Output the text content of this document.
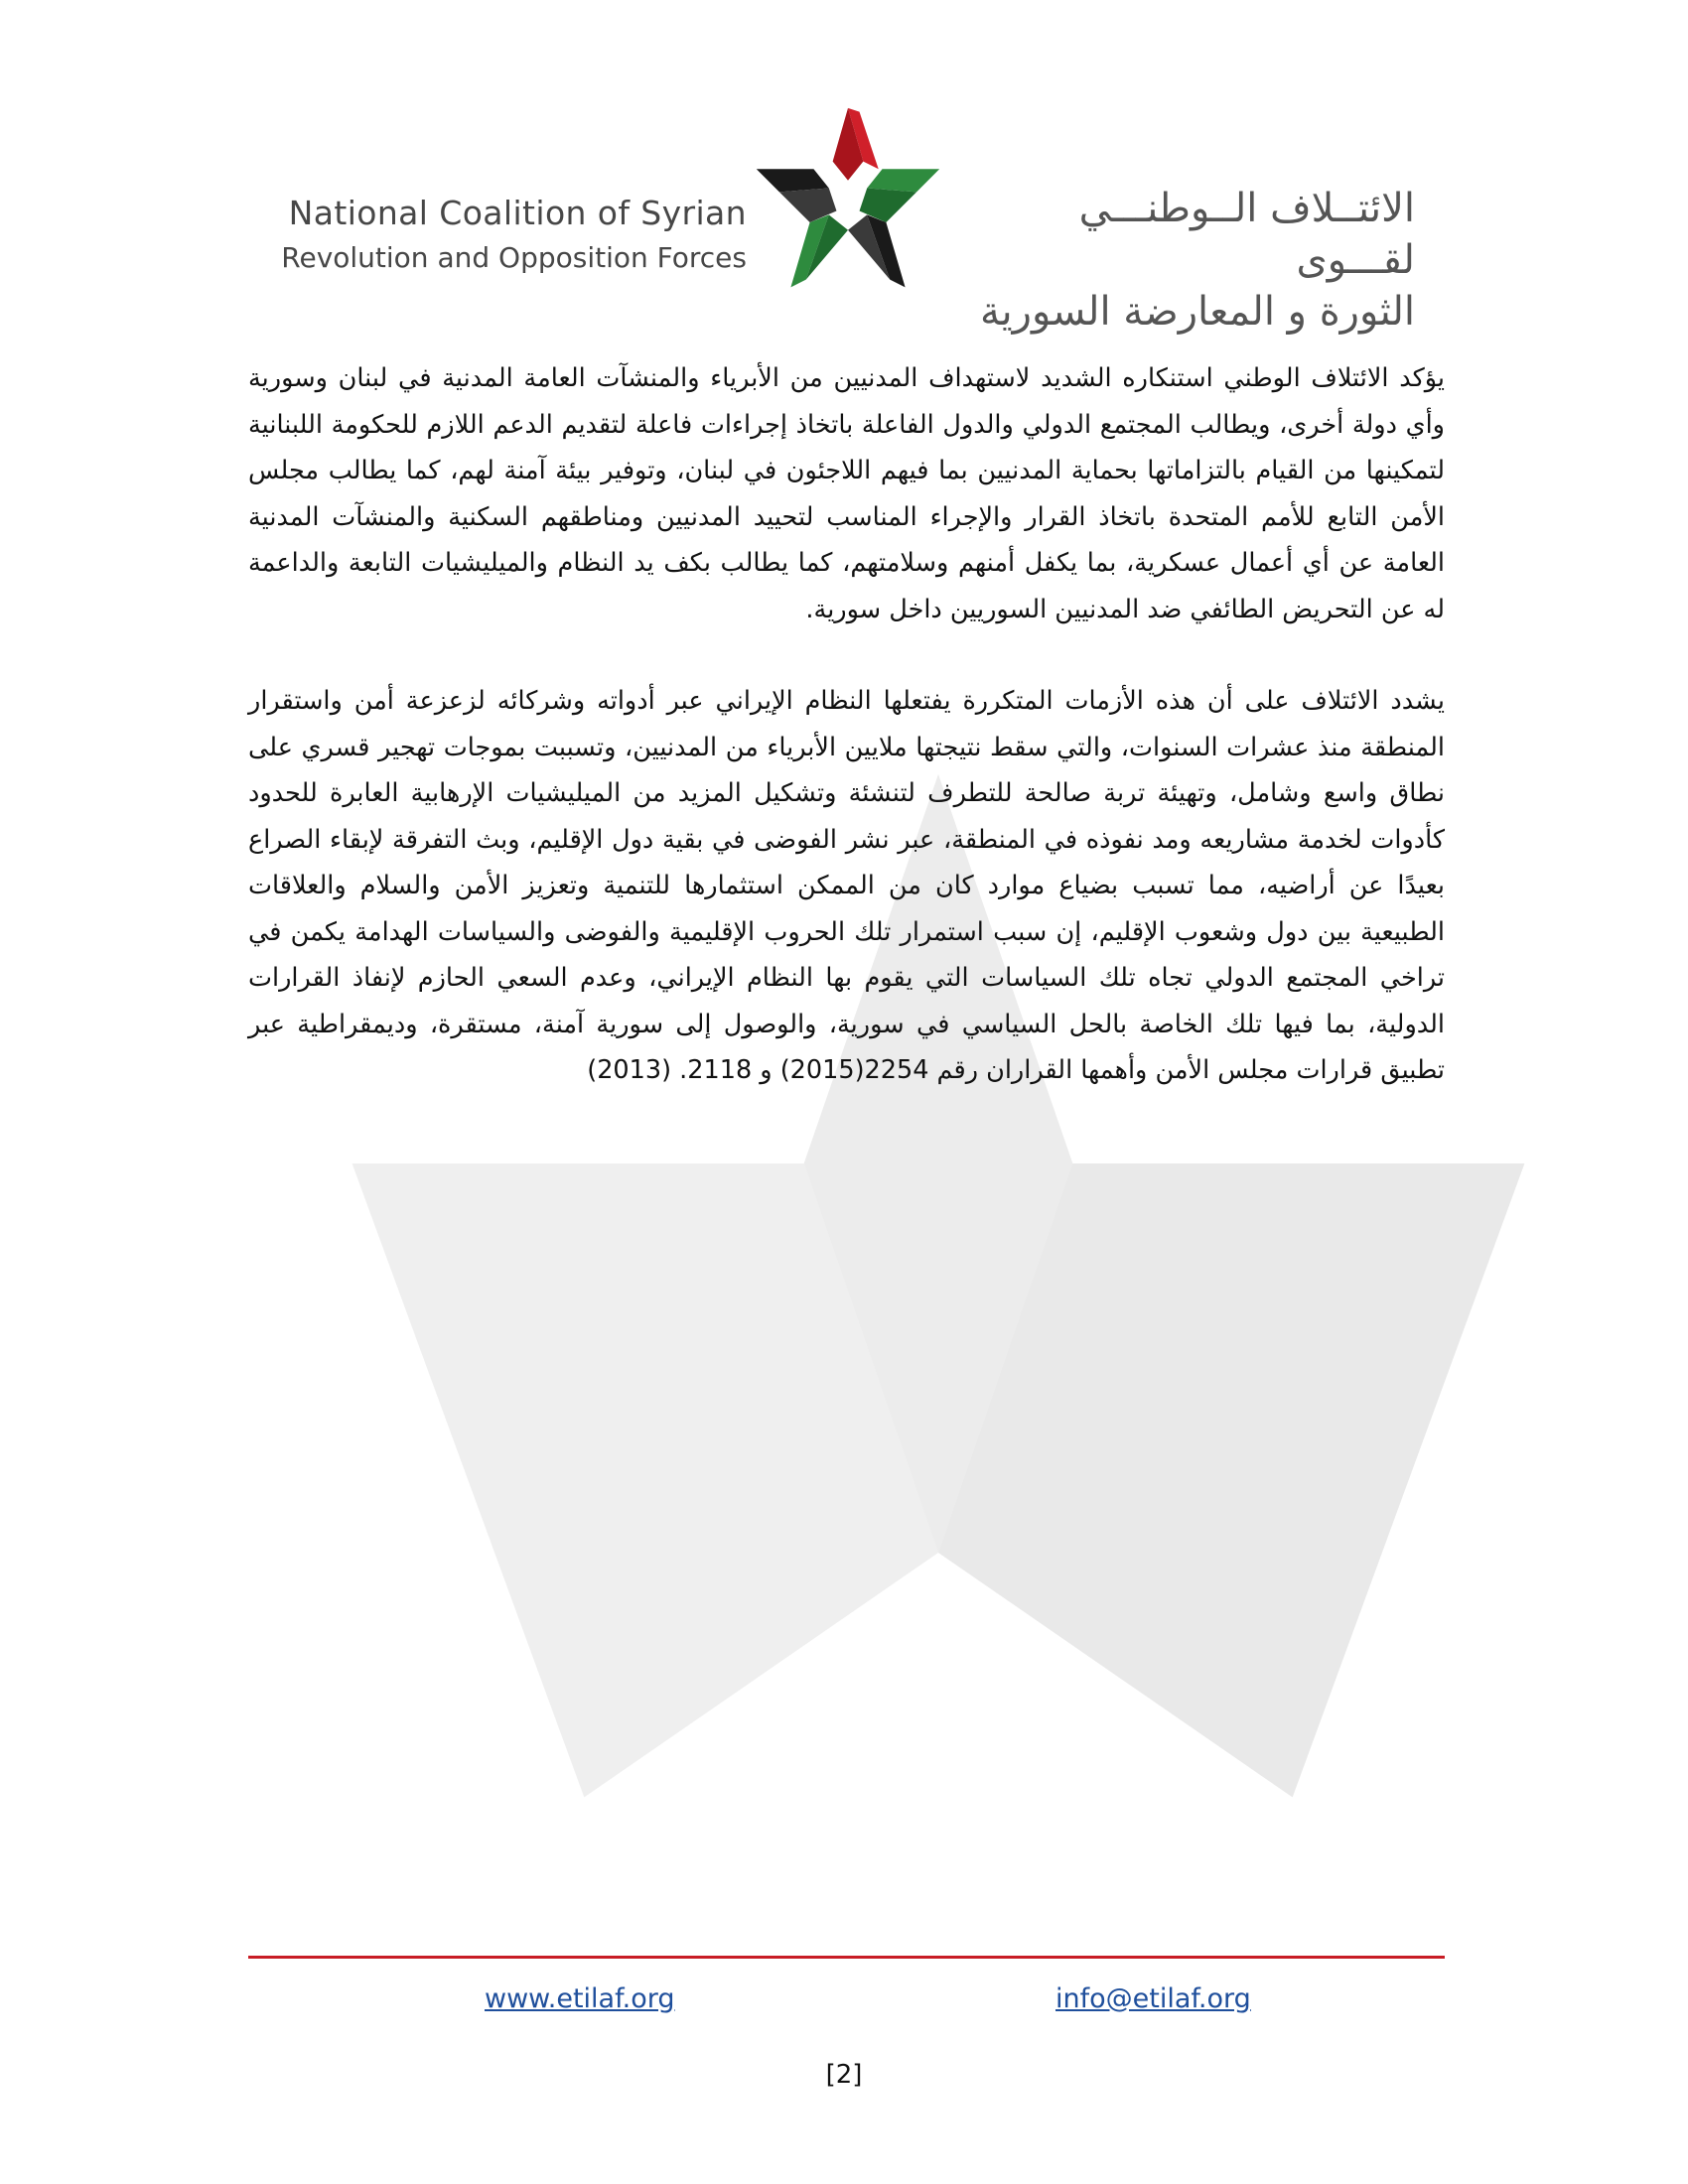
National Coalition of Syrian
Revolution and Opposition Forces
الائتــلاف الــوطنـــي لقـــوى
الثورة و المعارضة السورية

يؤكد الائتلاف الوطني استنكاره الشديد لاستهداف المدنيين من الأبرياء والمنشآت العامة المدنية في لبنان وسورية وأي دولة أخرى، ويطالب المجتمع الدولي والدول الفاعلة باتخاذ إجراءات فاعلة لتقديم الدعم اللازم للحكومة اللبنانية لتمكينها من القيام بالتزاماتها بحماية المدنيين بما فيهم اللاجئون في لبنان، وتوفير بيئة آمنة لهم، كما يطالب مجلس الأمن التابع للأمم المتحدة باتخاذ القرار والإجراء المناسب لتحييد المدنيين ومناطقهم السكنية والمنشآت المدنية العامة عن أي أعمال عسكرية، بما يكفل أمنهم وسلامتهم، كما يطالب بكف يد النظام والميليشيات التابعة والداعمة له عن التحريض الطائفي ضد المدنيين السوريين داخل سورية.

يشدد الائتلاف على أن هذه الأزمات المتكررة يفتعلها النظام الإيراني عبر أدواته وشركائه لزعزعة أمن واستقرار المنطقة منذ عشرات السنوات، والتي سقط نتيجتها ملايين الأبرياء من المدنيين، وتسببت بموجات تهجير قسري على نطاق واسع وشامل، وتهيئة تربة صالحة للتطرف لتنشئة وتشكيل المزيد من الميليشيات الإرهابية العابرة للحدود كأدوات لخدمة مشاريعه ومد نفوذه في المنطقة، عبر نشر الفوضى في بقية دول الإقليم، وبث التفرقة لإبقاء الصراع بعيدًا عن أراضيه، مما تسبب بضياع موارد كان من الممكن استثمارها للتنمية وتعزيز الأمن والسلام والعلاقات الطبيعية بين دول وشعوب الإقليم، إن سبب استمرار تلك الحروب الإقليمية والفوضى والسياسات الهدامة يكمن في تراخي المجتمع الدولي تجاه تلك السياسات التي يقوم بها النظام الإيراني، وعدم السعي الحازم لإنفاذ القرارات الدولية، بما فيها تلك الخاصة بالحل السياسي في سورية، والوصول إلى سورية آمنة، مستقرة، وديمقراطية عبر تطبيق قرارات مجلس الأمن وأهمها القراران رقم 2254(2015) و 2118. (2013)

www.etilaf.org	info@etilaf.org
[2]
